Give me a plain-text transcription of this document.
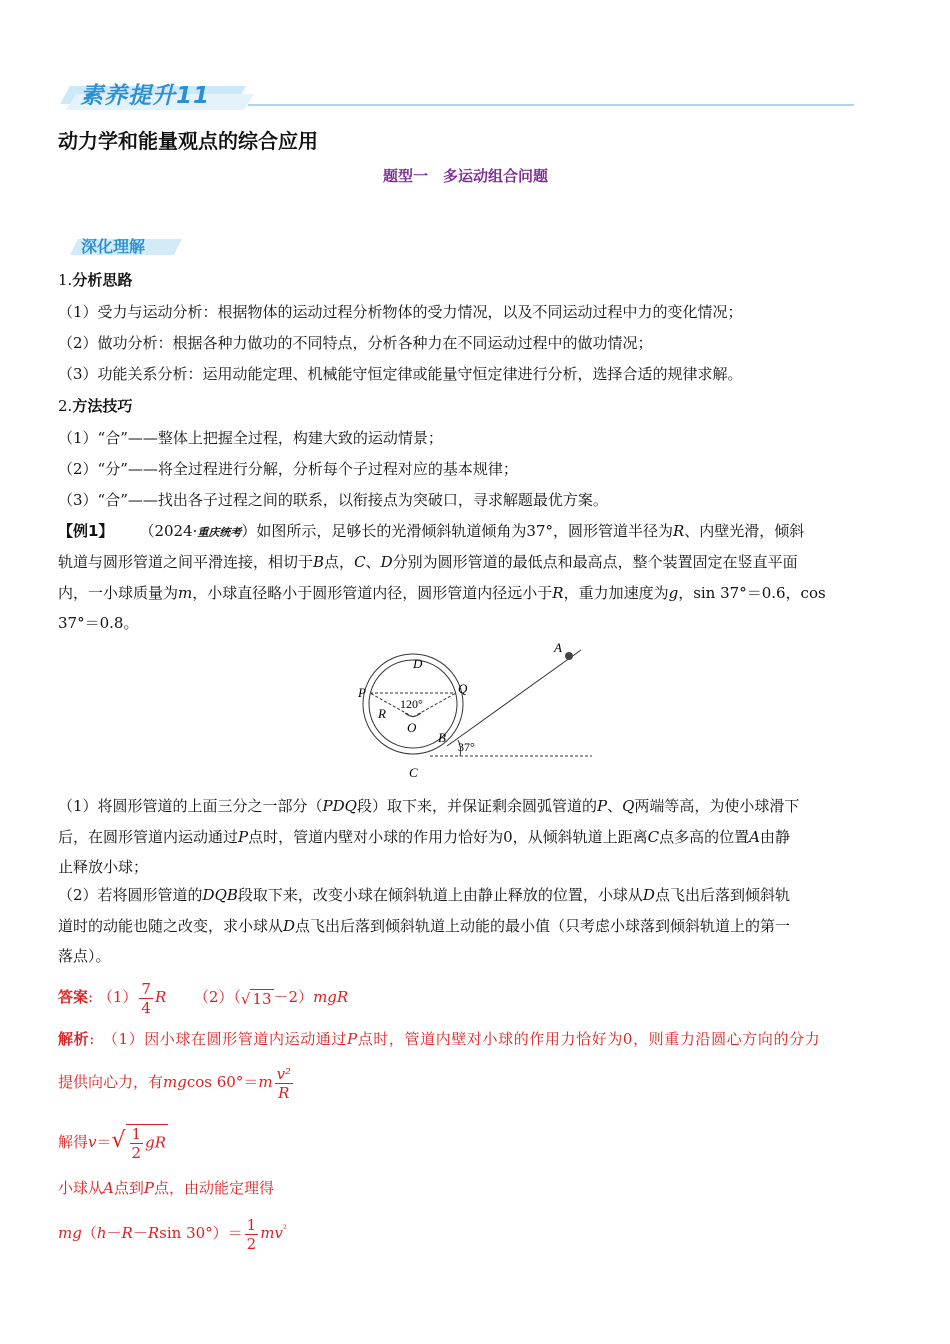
素养提升11
动力学和能量观点的综合应用
题型一　多运动组合问题
深化理解
1.分析思路
（1）受力与运动分析：根据物体的运动过程分析物体的受力情况，以及不同运动过程中力的变化情况；
（2）做功分析：根据各种力做功的不同特点，分析各种力在不同运动过程中的做功情况；
（3）功能关系分析：运用动能定理、机械能守恒定律或能量守恒定律进行分析，选择合适的规律求解。
2.方法技巧
（1）“合”——整体上把握全过程，构建大致的运动情景；
（2）“分”——将全过程进行分解，分析每个子过程对应的基本规律；
（3）“合”——找出各子过程之间的联系，以衔接点为突破口，寻求解题最优方案。
【例1】 （2024·重庆统考）如图所示，足够长的光滑倾斜轨道倾角为37°，圆形管道半径为R、内壁光滑，倾斜
轨道与圆形管道之间平滑连接，相切于B点，C、D分别为圆形管道的最低点和最高点，整个装置固定在竖直平面
内，一小球质量为m，小球直径略小于圆形管道内径，圆形管道内径远小于R，重力加速度为g，sin 37°＝0.6，cos
37°＝0.8。
A
D
P	Q
R
O
120°
B
C
37°
（1）将圆形管道的上面三分之一部分（PDQ段）取下来，并保证剩余圆弧管道的P、Q两端等高，为使小球滑下
后，在圆形管道内运动通过P点时，管道内壁对小球的作用力恰好为0，从倾斜轨道上距离C点多高的位置A由静
止释放小球；
（2）若将圆形管道的DQB段取下来，改变小球在倾斜轨道上由静止释放的位置，小球从D点飞出后落到倾斜轨
道时的动能也随之改变，求小球从D点飞出后落到倾斜轨道上动能的最小值（只考虑小球落到倾斜轨道上的第一
落点）。
答案: $(1) \frac{7}{4}$ R （2）（√ 13 －2）mgR
解析: （1）因小球在圆形管道内运动通过P点时，管道内壁对小球的作用力恰好为0，则重力沿圆心方向的分力
提供向心力，有mgcos $60^\circ=m \frac{\text{v²}}{R}$
解得$v=√ \frac{1}{2}$ gR
小球从A点到P点，由动能定理得
mg（h－R－Rsin $30^\circ)= \frac{1}{2} mv^{^2}$
